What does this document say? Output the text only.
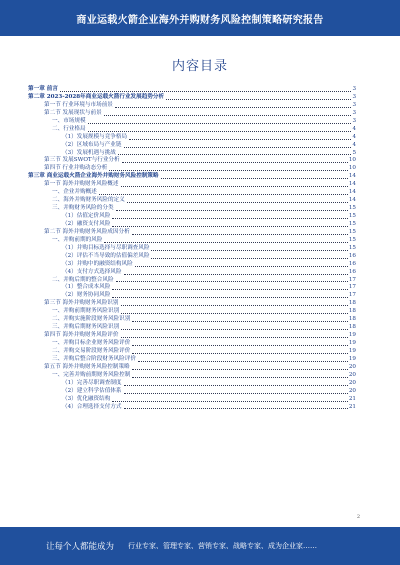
商业运载火箭企业海外并购财务风险控制策略研究报告
内容目录
第一章 前言	3
第二章 2023-2028年商业运载火箭行业发展趋势分析	3
第一节 行业环境与市场前景	3
第二节 发展现状与前景	3
一、市场规模	3
二、行业格局	4
（1）发展规模与竞争格局	4
（2）区域布局与产业链	4
（3）发展机遇与挑战	5
第三节 发展SWOT与行业分析	10
第四节 行业并购动态分析	10
第三章 商业运载火箭企业海外并购财务风险控制策略	14
第一节 海外并购财务风险概述	14
一、企业并购概述	14
二、海外并购财务风险的定义	14
三、并购财务风险的分类	15
（1）估值定价风险	15
（2）融资支付风险	15
第二节 海外并购财务风险成因分析	15
一、并购前期的风险	15
（1）并购目标选择与尽职调查风险	15
（2）评估不当导致的估值偏差风险	16
（3）并购中的融资结构风险	16
（4）支付方式选择风险	16
二、并购后期的整合风险	17
（1）整合成本风险	17
（2）财务协同风险	17
第三节 海外并购财务风险识别	18
一、并购前期财务风险识别	18
二、并购实施阶段财务风险识别	18
三、并购后期财务风险识别	18
第四节 海外并购财务风险评价	19
一、并购目标企业财务风险评价	19
二、并购交易阶段财务风险评价	19
三、并购后整合阶段财务风险评价	19
第五节 海外并购财务风险控制策略	20
一、完善并购前期财务风险控制	20
（1）完善尽职调查制度	20
（2）建立科学估值体系	20
（3）优化融资结构	21
（4）合理选择支付方式	21
2
让每个人都能成为 行业专家、管理专家、营销专家、战略专家、成为企业家……
